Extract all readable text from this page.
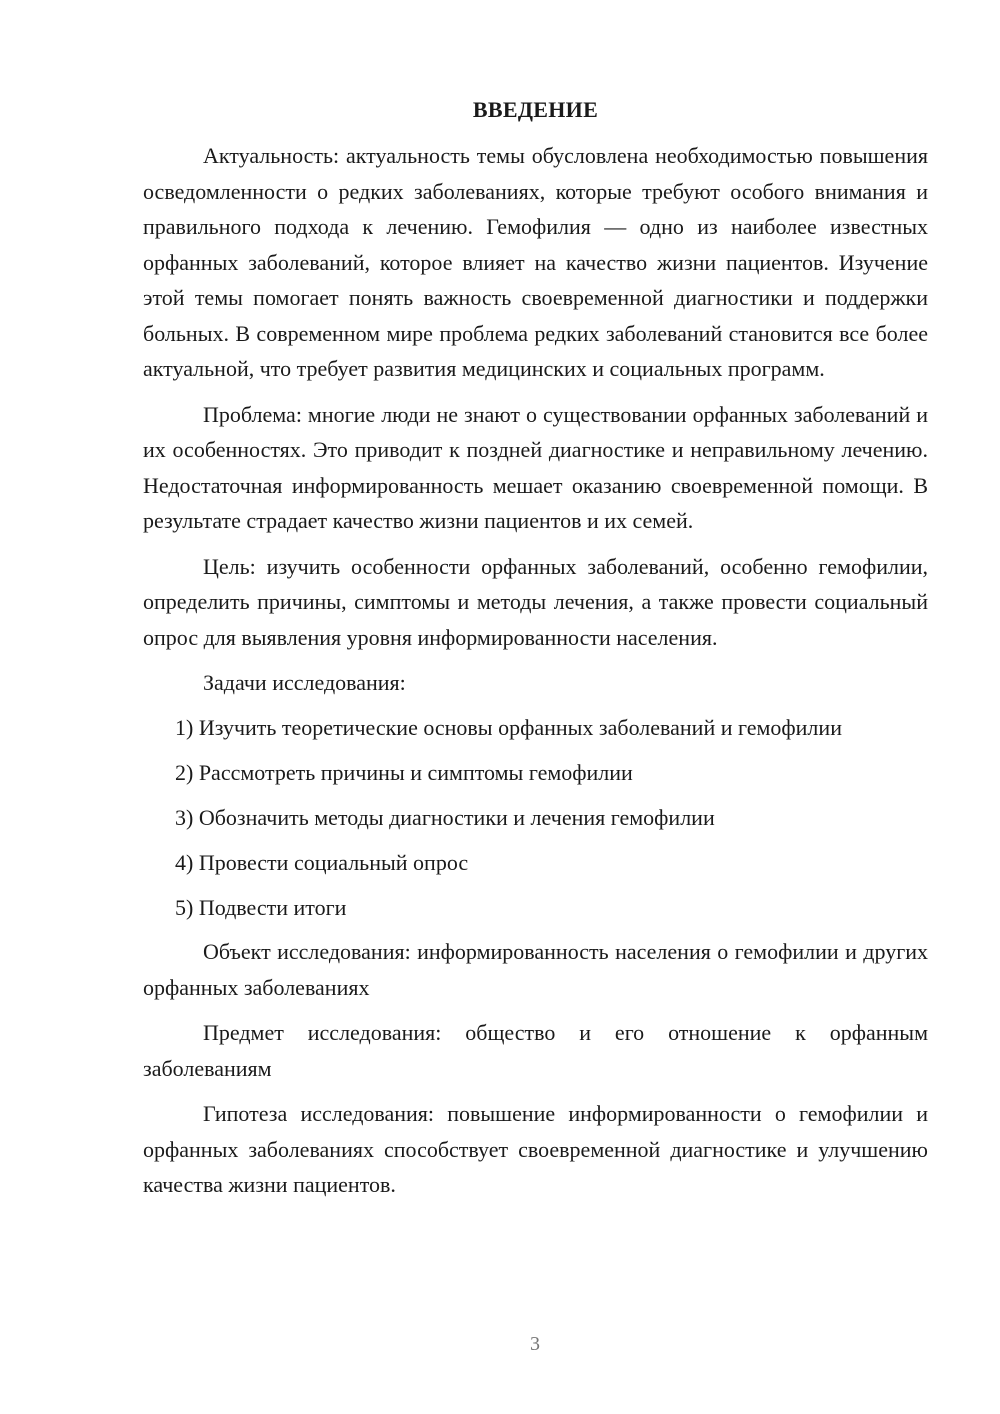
ВВЕДЕНИЕ

Актуальность: актуальность темы обусловлена необходимостью повышения осведомленности о редких заболеваниях, которые требуют особого внимания и правильного подхода к лечению. Гемофилия — одно из наиболее известных орфанных заболеваний, которое влияет на качество жизни пациентов. Изучение этой темы помогает понять важность своевременной диагностики и поддержки больных. В современном мире проблема редких заболеваний становится все более актуальной, что требует развития медицинских и социальных программ.

Проблема: многие люди не знают о существовании орфанных заболеваний и их особенностях. Это приводит к поздней диагностике и неправильному лечению. Недостаточная информированность мешает оказанию своевременной помощи. В результате страдает качество жизни пациентов и их семей.

Цель: изучить особенности орфанных заболеваний, особенно гемофилии, определить причины, симптомы и методы лечения, а также провести социальный опрос для выявления уровня информированности населения.

Задачи исследования:
1) Изучить теоретические основы орфанных заболеваний и гемофилии
2) Рассмотреть причины и симптомы гемофилии
3) Обозначить методы диагностики и лечения гемофилии
4) Провести социальный опрос
5) Подвести итоги

Объект исследования: информированность населения о гемофилии и других орфанных заболеваниях

Предмет исследования: общество и его отношение к орфанным заболеваниям

Гипотеза исследования: повышение информированности о гемофилии и орфанных заболеваниях способствует своевременной диагностике и улучшению качества жизни пациентов.

3
